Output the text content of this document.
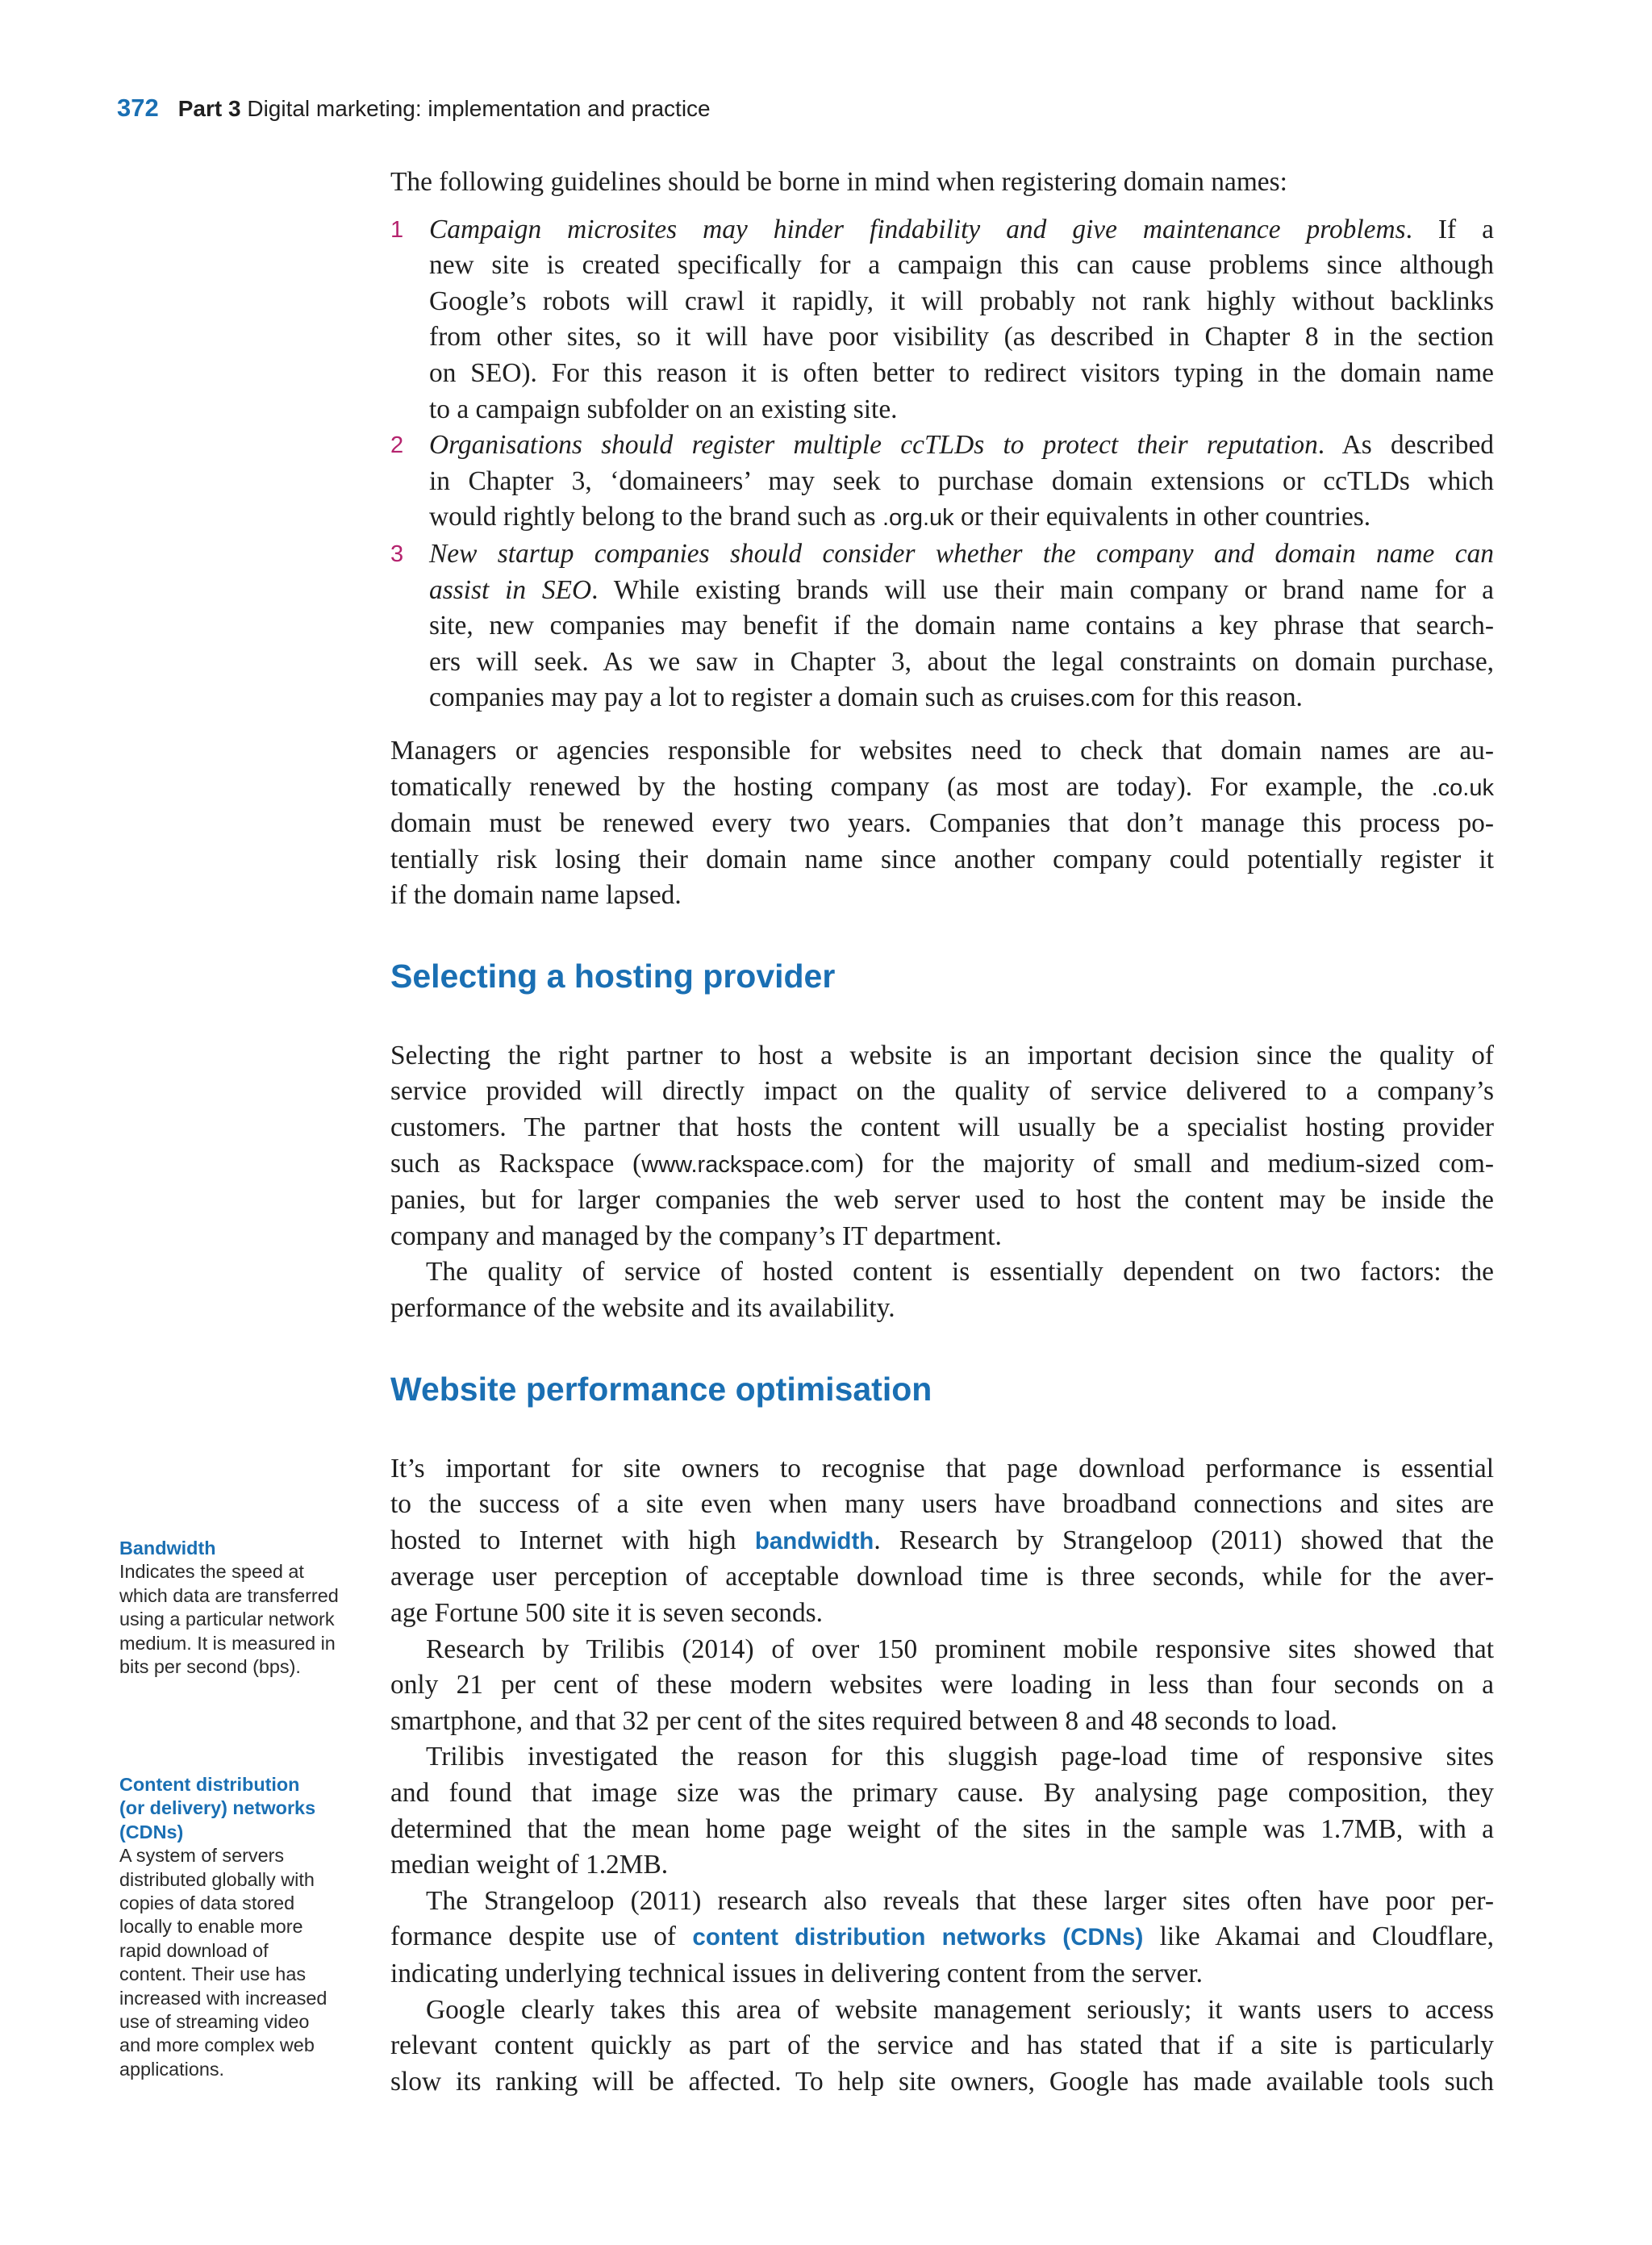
372 Part 3 Digital marketing: implementation and practice
Bandwidth
Indicates the speed at
which data are transferred
using a particular network
medium. It is measured in
bits per second (bps).
Content distribution
(or delivery) networks
(CDNs)
A system of servers
distributed globally with
copies of data stored
locally to enable more
rapid download of
content. Their use has
increased with increased
use of streaming video
and more complex web
applications.

The following guidelines should be borne in mind when registering domain names:

1 Campaign microsites may hinder findability and give maintenance problems. If a
new site is created specifically for a campaign this can cause problems since although
Google’s robots will crawl it rapidly, it will probably not rank highly without backlinks
from other sites, so it will have poor visibility (as described in Chapter 8 in the section
on SEO). For this reason it is often better to redirect visitors typing in the domain name
to a campaign subfolder on an existing site.
2 Organisations should register multiple ccTLDs to protect their reputation. As described
in Chapter 3, ‘domaineers’ may seek to purchase domain extensions or ccTLDs which
would rightly belong to the brand such as .org.uk or their equivalents in other countries.
3 New startup companies should consider whether the company and domain name can
assist in SEO. While existing brands will use their main company or brand name for a
site, new companies may benefit if the domain name contains a key phrase that search-
ers will seek. As we saw in Chapter 3, about the legal constraints on domain purchase,
companies may pay a lot to register a domain such as cruises.com for this reason.
Managers or agencies responsible for websites need to check that domain names are au-
tomatically renewed by the hosting company (as most are today). For example, the .co.uk
domain must be renewed every two years. Companies that don’t manage this process po-
tentially risk losing their domain name since another company could potentially register it
if the domain name lapsed.
Selecting a hosting provider
Selecting the right partner to host a website is an important decision since the quality of
service provided will directly impact on the quality of service delivered to a company’s
customers. The partner that hosts the content will usually be a specialist hosting provider
such as Rackspace (www.rackspace.com) for the majority of small and medium-sized com-
panies, but for larger companies the web server used to host the content may be inside the
company and managed by the company’s IT department.
The quality of service of hosted content is essentially dependent on two factors: the
performance of the website and its availability.
Website performance optimisation
It’s important for site owners to recognise that page download performance is essential
to the success of a site even when many users have broadband connections and sites are
hosted to Internet with high bandwidth. Research by Strangeloop (2011) showed that the
average user perception of acceptable download time is three seconds, while for the aver-
age Fortune 500 site it is seven seconds.
Research by Trilibis (2014) of over 150 prominent mobile responsive sites showed that
only 21 per cent of these modern websites were loading in less than four seconds on a
smartphone, and that 32 per cent of the sites required between 8 and 48 seconds to load.
Trilibis investigated the reason for this sluggish page-load time of responsive sites
and found that image size was the primary cause. By analysing page composition, they
determined that the mean home page weight of the sites in the sample was 1.7MB, with a
median weight of 1.2MB.
The Strangeloop (2011) research also reveals that these larger sites often have poor per-
formance despite use of content distribution networks (CDNs) like Akamai and Cloudflare,
indicating underlying technical issues in delivering content from the server.
Google clearly takes this area of website management seriously; it wants users to access
relevant content quickly as part of the service and has stated that if a site is particularly
slow its ranking will be affected. To help site owners, Google has made available tools such
